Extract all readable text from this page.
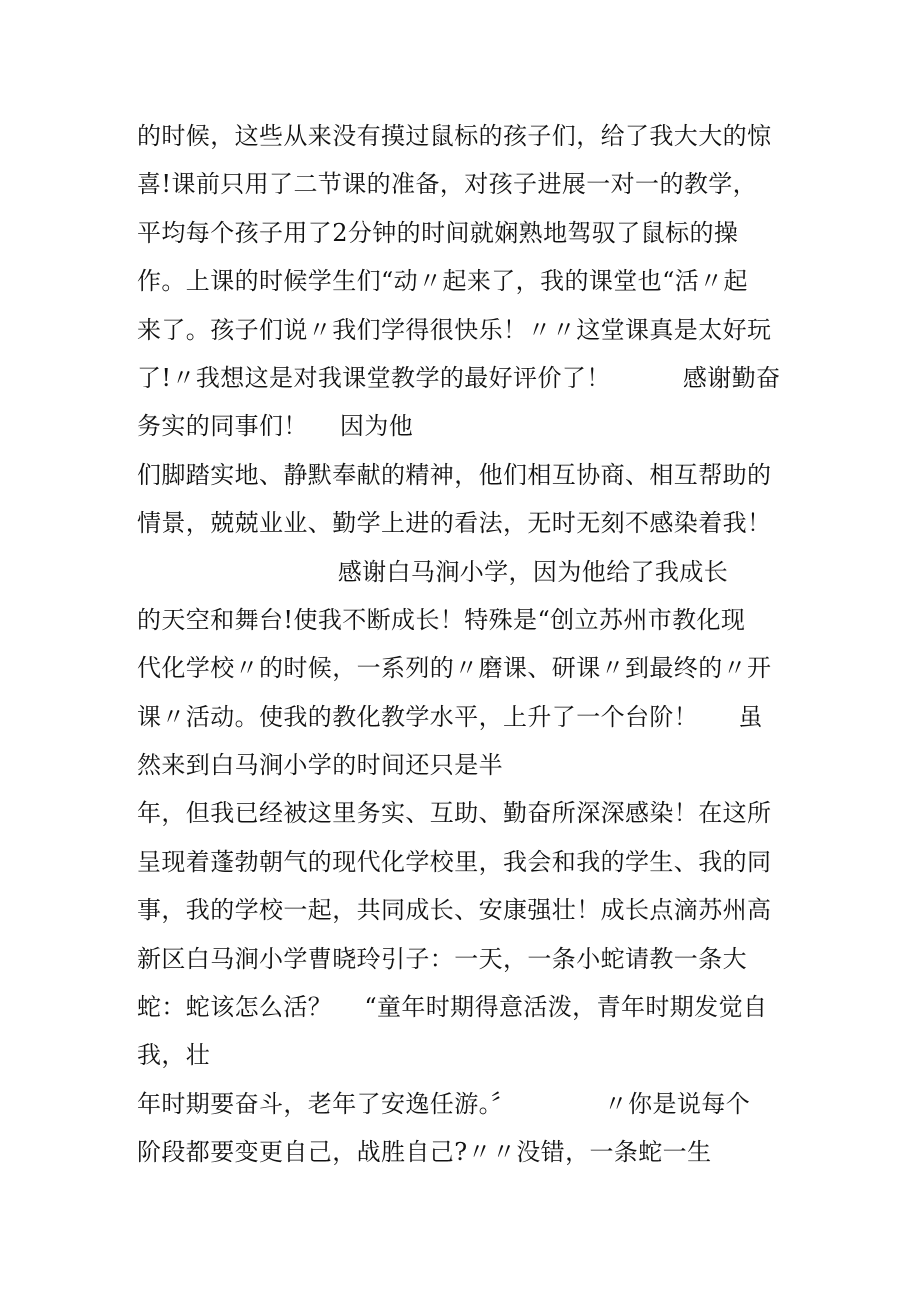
的时候，这些从来没有摸过鼠标的孩子们，给了我大大的惊
喜!课前只用了二节课的准备，对孩子进展一对一的教学，
平均每个孩子用了2分钟的时间就娴熟地驾驭了鼠标的操
作。上课的时候学生们“动〃起来了，我的课堂也“活〃起
来了。孩子们说〃我们学得很快乐！〃〃这堂课真是太好玩
了!〃我想这是对我课堂教学的最好评价了！         感谢勤奋
务实的同事们！    因为他
们脚踏实地、静默奉献的精神，他们相互协商、相互帮助的
情景，兢兢业业、勤学上进的看法，无时无刻不感染着我！
感谢白马涧小学，因为他给了我成长
的天空和舞台!使我不断成长！特殊是“创立苏州市教化现
代化学校〃的时候，一系列的〃磨课、研课〃到最终的〃开
课〃活动。使我的教化教学水平，上升了一个台阶！     虽
然来到白马涧小学的时间还只是半
年，但我已经被这里务实、互助、勤奋所深深感染！在这所
呈现着蓬勃朝气的现代化学校里，我会和我的学生、我的同
事，我的学校一起，共同成长、安康强壮！成长点滴苏州高
新区白马涧小学曹晓玲引子：一天，一条小蛇请教一条大
蛇：蛇该怎么活？    “童年时期得意活泼，青年时期发觉自
我，壮
年时期要奋斗，老年了安逸任游。〞           〃你是说每个
阶段都要变更自己，战胜自己?〃〃没错，一条蛇一生
